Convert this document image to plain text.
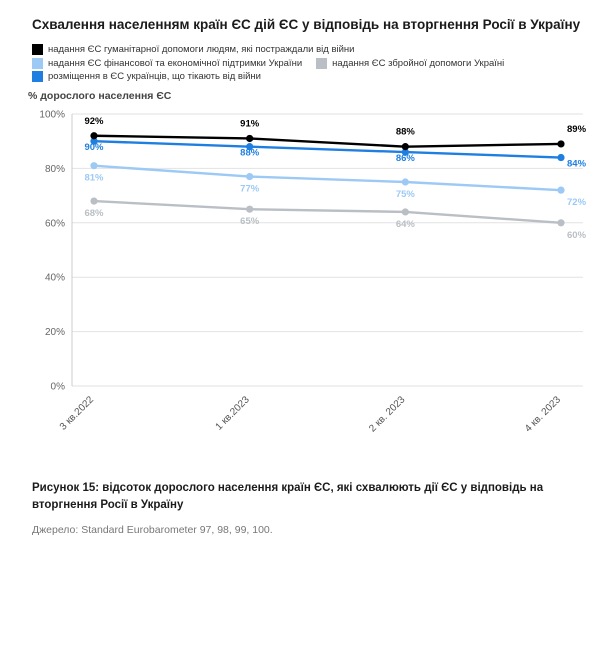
Схвалення населенням країн ЄС дій ЄС у відповідь на вторгнення Росії в Україну
надання ЄС гуманітарної допомоги людям, які постраждали від війни
надання ЄС фінансової та економічної підтримки України	надання ЄС збройної допомоги Україні
розміщення в ЄС українців, що тікають від війни
% дорослого населення ЄС
0%
20%
40%
60%
80%
100%
3 кв.2022	1 кв.2023	2 кв. 2023	4 кв. 2023
68%
65%	64%
60%
81%
77%	75%
72%
90%	88%	86%	84%
92%	91%
88%	89%
Рисунок 15: відсоток дорослого населення країн ЄС, які схвалюють дії ЄС у відповідь на вторгнення Росії в Україну
Джерело: Standard Eurobarometer 97, 98, 99, 100.
